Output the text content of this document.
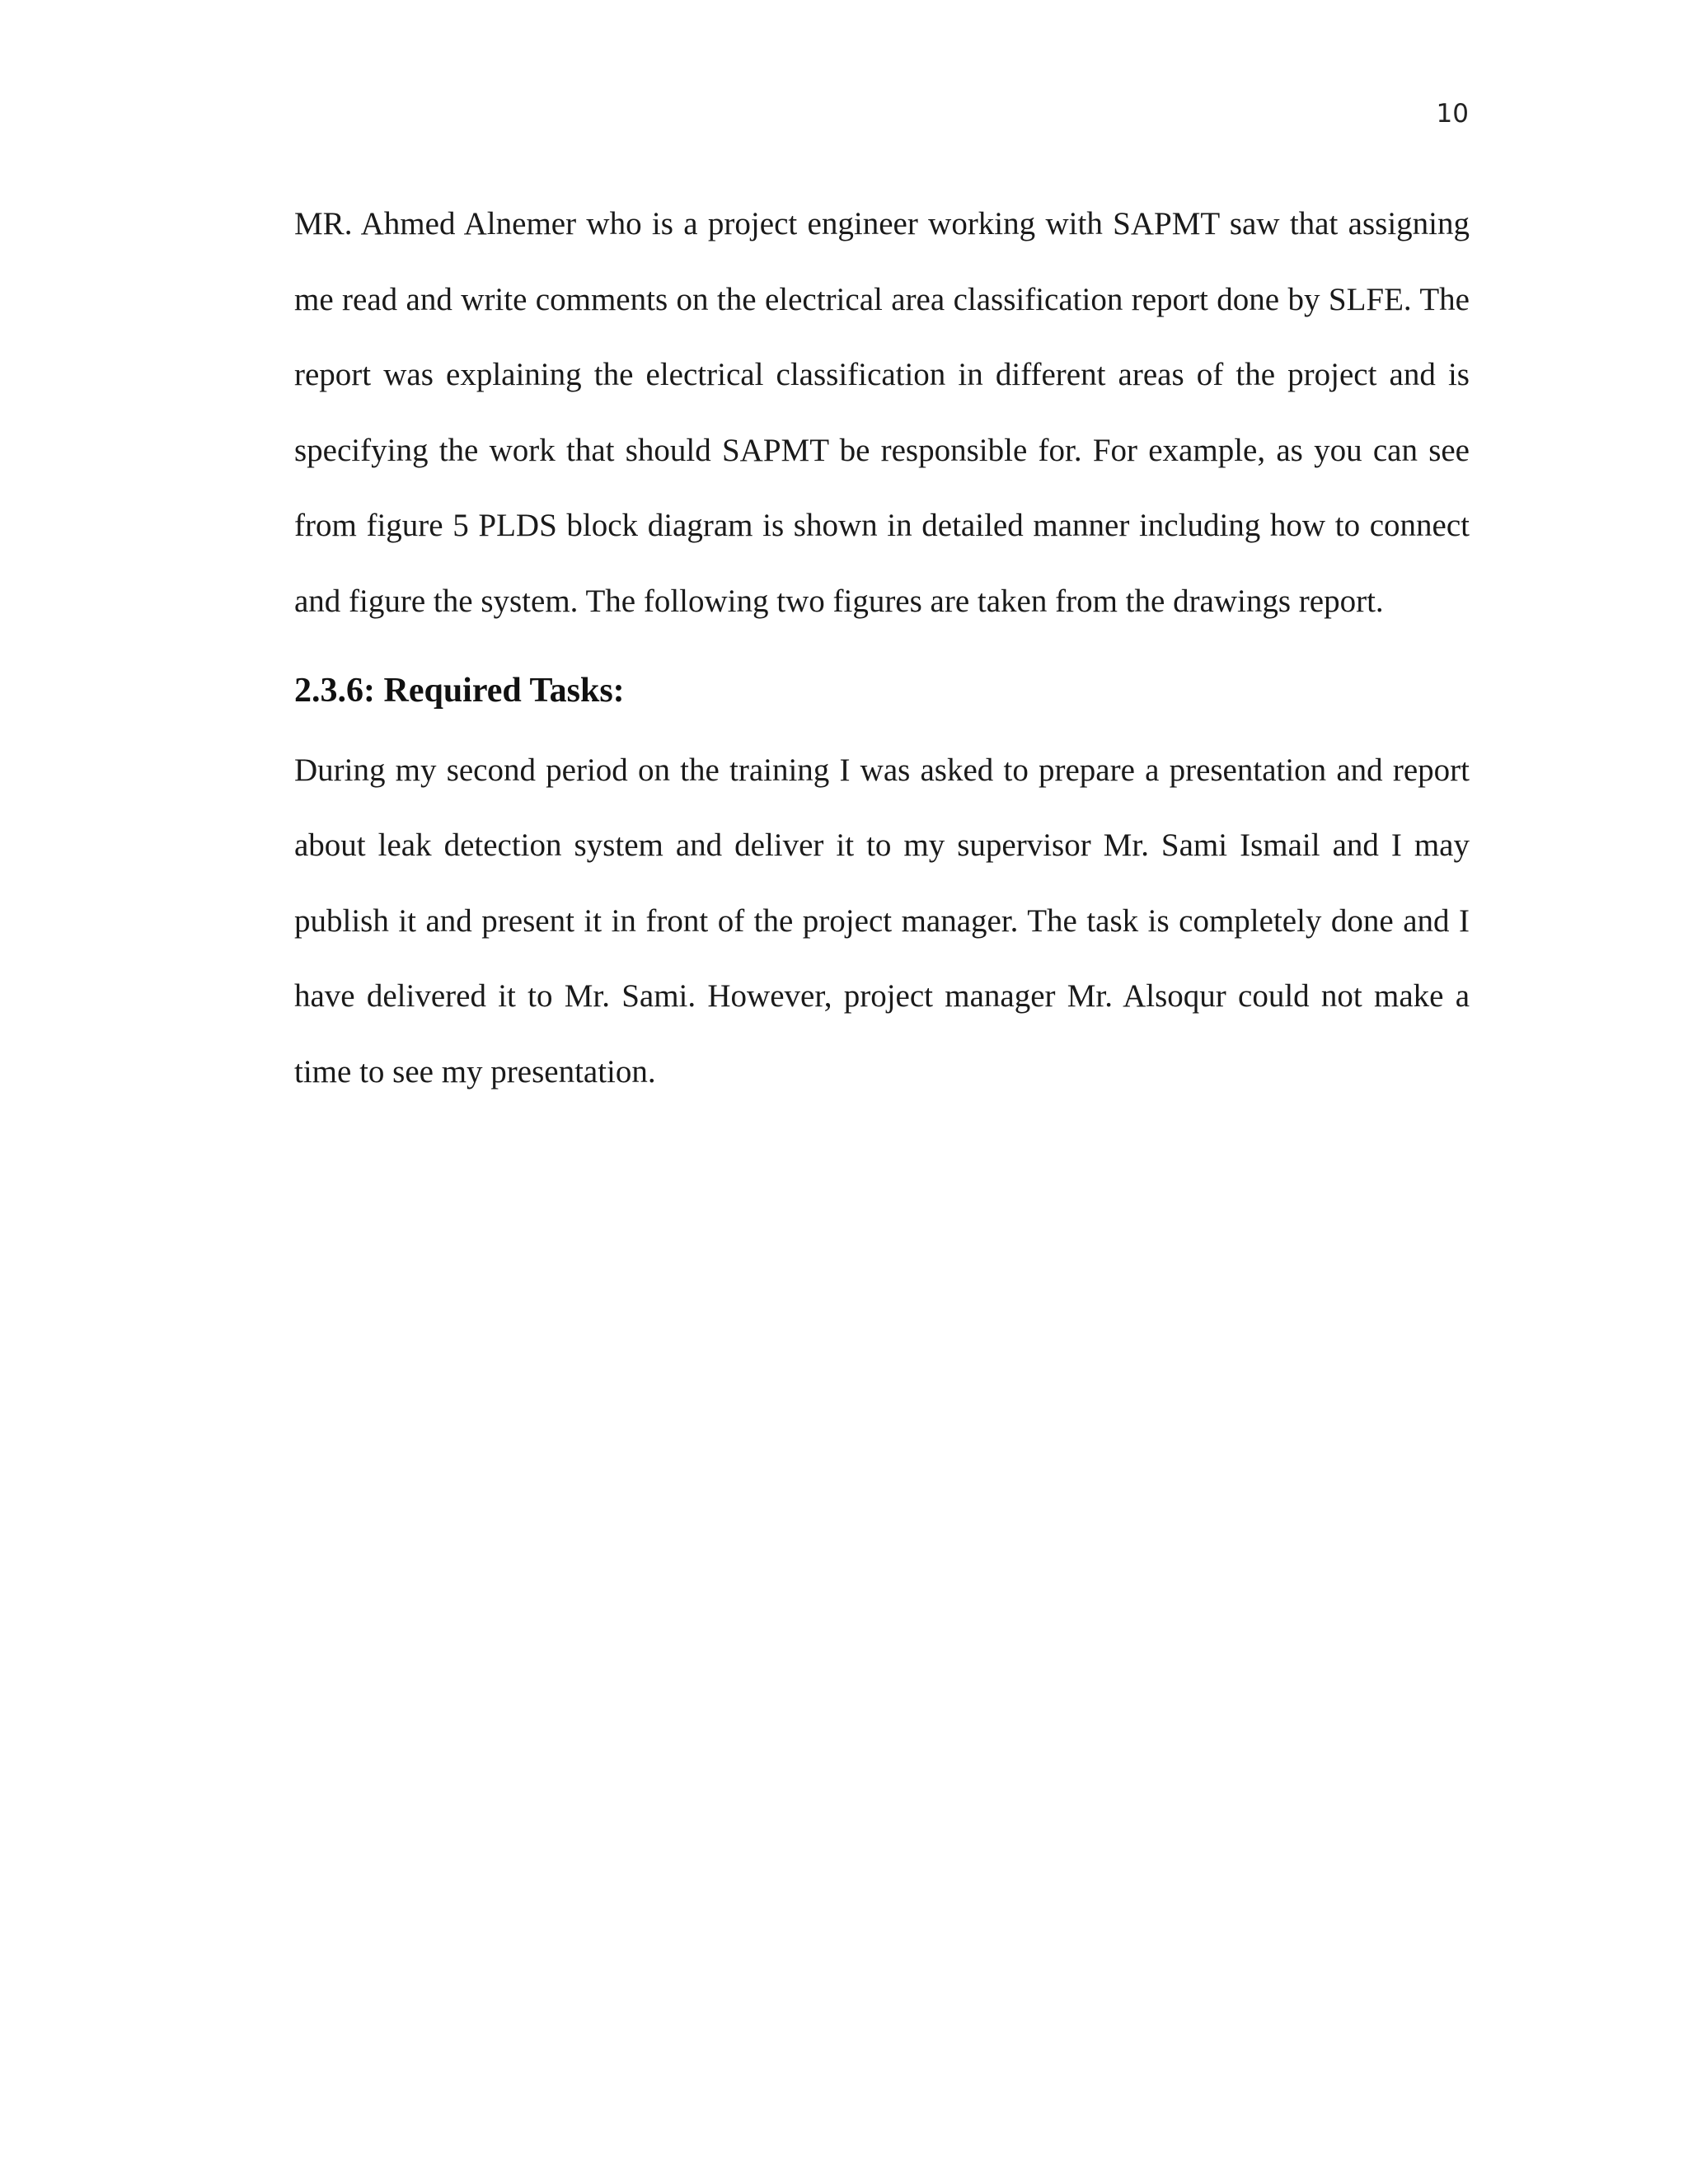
10

MR. Ahmed Alnemer who is a project engineer working with SAPMT saw that assigning me read and write comments on the electrical area classification report done by SLFE. The report was explaining the electrical classification in different areas of the project and is specifying the work that should SAPMT be responsible for. For example, as you can see from figure 5 PLDS block diagram is shown in detailed manner including how to connect and figure the system. The following two figures are taken from the drawings report.

2.3.6: Required Tasks:

During my second period on the training I was asked to prepare a presentation and report about leak detection system and deliver it to my supervisor Mr. Sami Ismail and I may publish it and present it in front of the project manager. The task is completely done and I have delivered it to Mr. Sami. However, project manager Mr. Alsoqur could not make a time to see my presentation.
